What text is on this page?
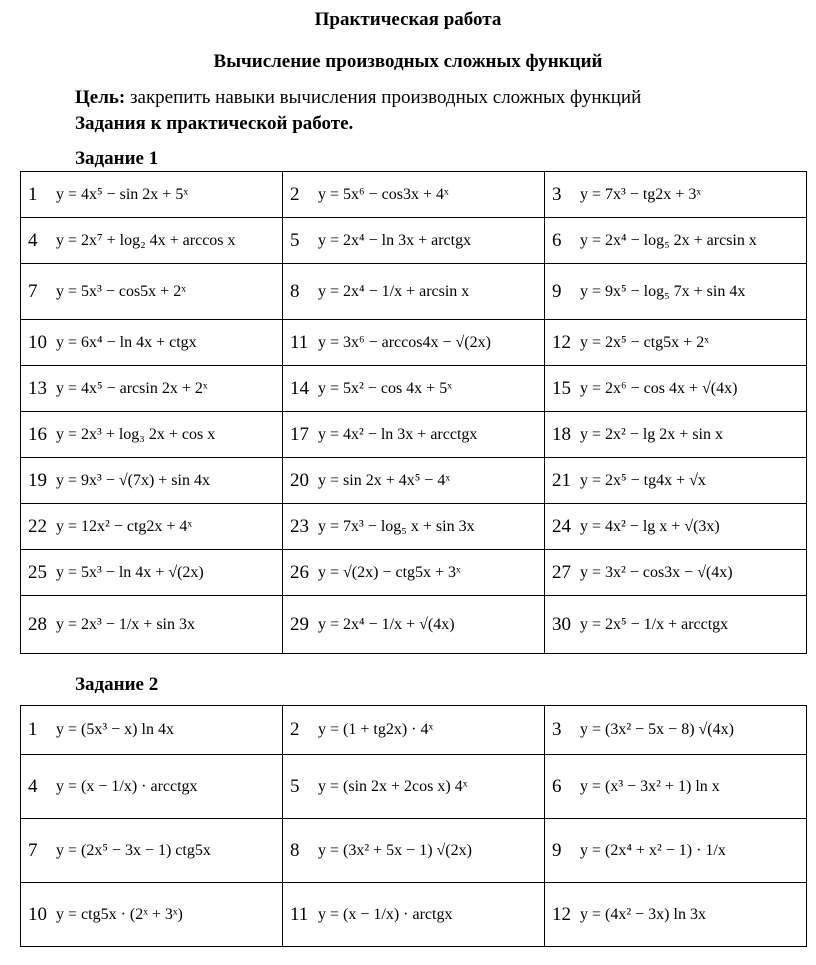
Практическая работа
Вычисление производных сложных функций
Цель: закрепить навыки вычисления производных сложных функций
Задания к практической работе.
Задание 1
1 y = 4x⁵ − sin 2x + 5ˣ	2 y = 5x⁶ − cos3x + 4ˣ	3 y = 7x³ − tg2x + 3ˣ
4 y = 2x⁷ + log₂ 4x + arccos x	5 y = 2x⁴ − ln 3x + arctgx	6 y = 2x⁴ − log₅ 2x + arcsin x
7 y = 5x³ − cos5x + 2ˣ	8 y = 2x⁴ − 1/x + arcsin x	9 y = 9x⁵ − log₅ 7x + sin 4x
10 y = 6x⁴ − ln 4x + ctgx	11 y = 3x⁶ − arccos4x − √(2x)	12 y = 2x⁵ − ctg5x + 2ˣ
13 y = 4x⁵ − arcsin 2x + 2ˣ	14 y = 5x² − cos 4x + 5ˣ	15 y = 2x⁶ − cos 4x + √(4x)
16 y = 2x³ + log₃ 2x + cos x	17 y = 4x² − ln 3x + arcctgx	18 y = 2x² − lg 2x + sin x
19 y = 9x³ − √(7x) + sin 4x	20 y = sin 2x + 4x⁵ − 4ˣ	21 y = 2x⁵ − tg4x + √x
22 y = 12x² − ctg2x + 4ˣ	23 y = 7x³ − log₅ x + sin 3x	24 y = 4x² − lg x + √(3x)
25 y = 5x³ − ln 4x + √(2x)	26 y = √(2x) − ctg5x + 3ˣ	27 y = 3x² − cos3x − √(4x)
28 y = 2x³ − 1/x + sin 3x	29 y = 2x⁴ − 1/x + √(4x)	30 y = 2x⁵ − 1/x + arcctgx
Задание 2
1 y = (5x³ − x) ln 4x	2 y = (1 + tg2x) · 4ˣ	3 y = (3x² − 5x − 8) √(4x)
4 y = (x − 1/x) · arcctgx	5 y = (sin 2x + 2cos x) 4ˣ	6 y = (x³ − 3x² + 1) ln x
7 y = (2x⁵ − 3x − 1) ctg5x	8 y = (3x² + 5x − 1) √(2x)	9 y = (2x⁴ + x² − 1) · 1/x
10 y = ctg5x · (2ˣ + 3ˣ)	11 y = (x − 1/x) · arctgx	12 y = (4x² − 3x) ln 3x
